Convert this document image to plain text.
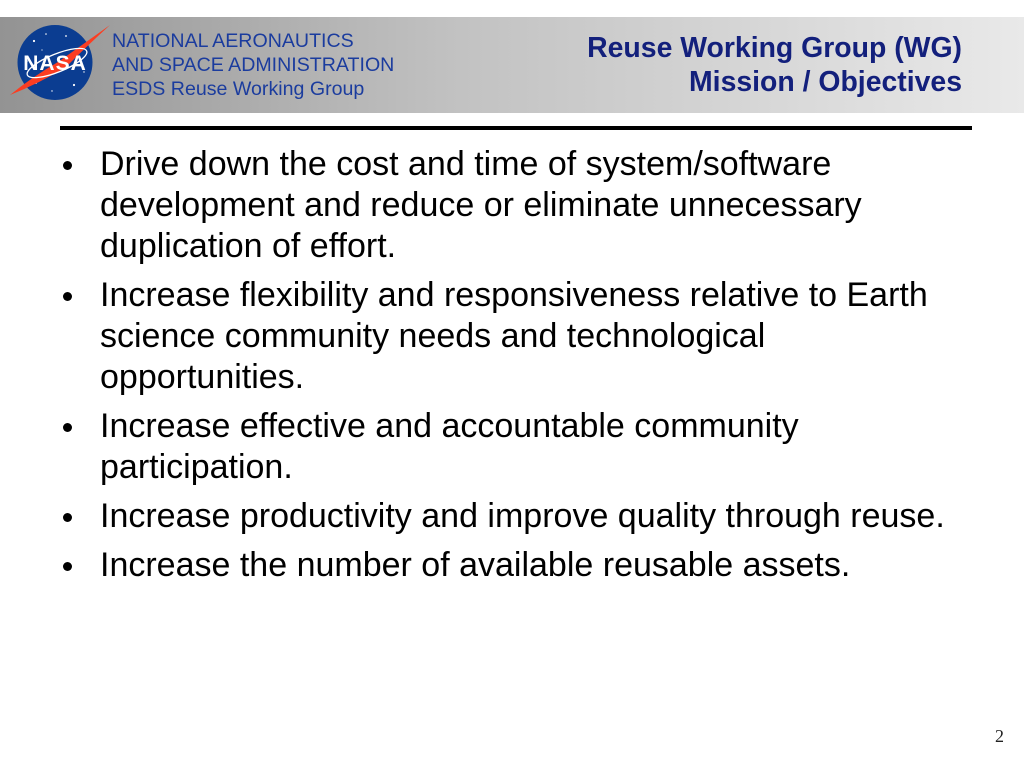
NASA
NATIONAL AERONAUTICS
AND SPACE ADMINISTRATION
ESDS Reuse Working Group
Reuse Working Group (WG)
Mission / Objectives
Drive down the cost and time of system/software development and reduce or eliminate unnecessary duplication of effort.
Increase flexibility and responsiveness relative to Earth science community needs and technological opportunities.
Increase effective and accountable community participation.
Increase productivity and improve quality through reuse.
Increase the number of available reusable assets.
2
